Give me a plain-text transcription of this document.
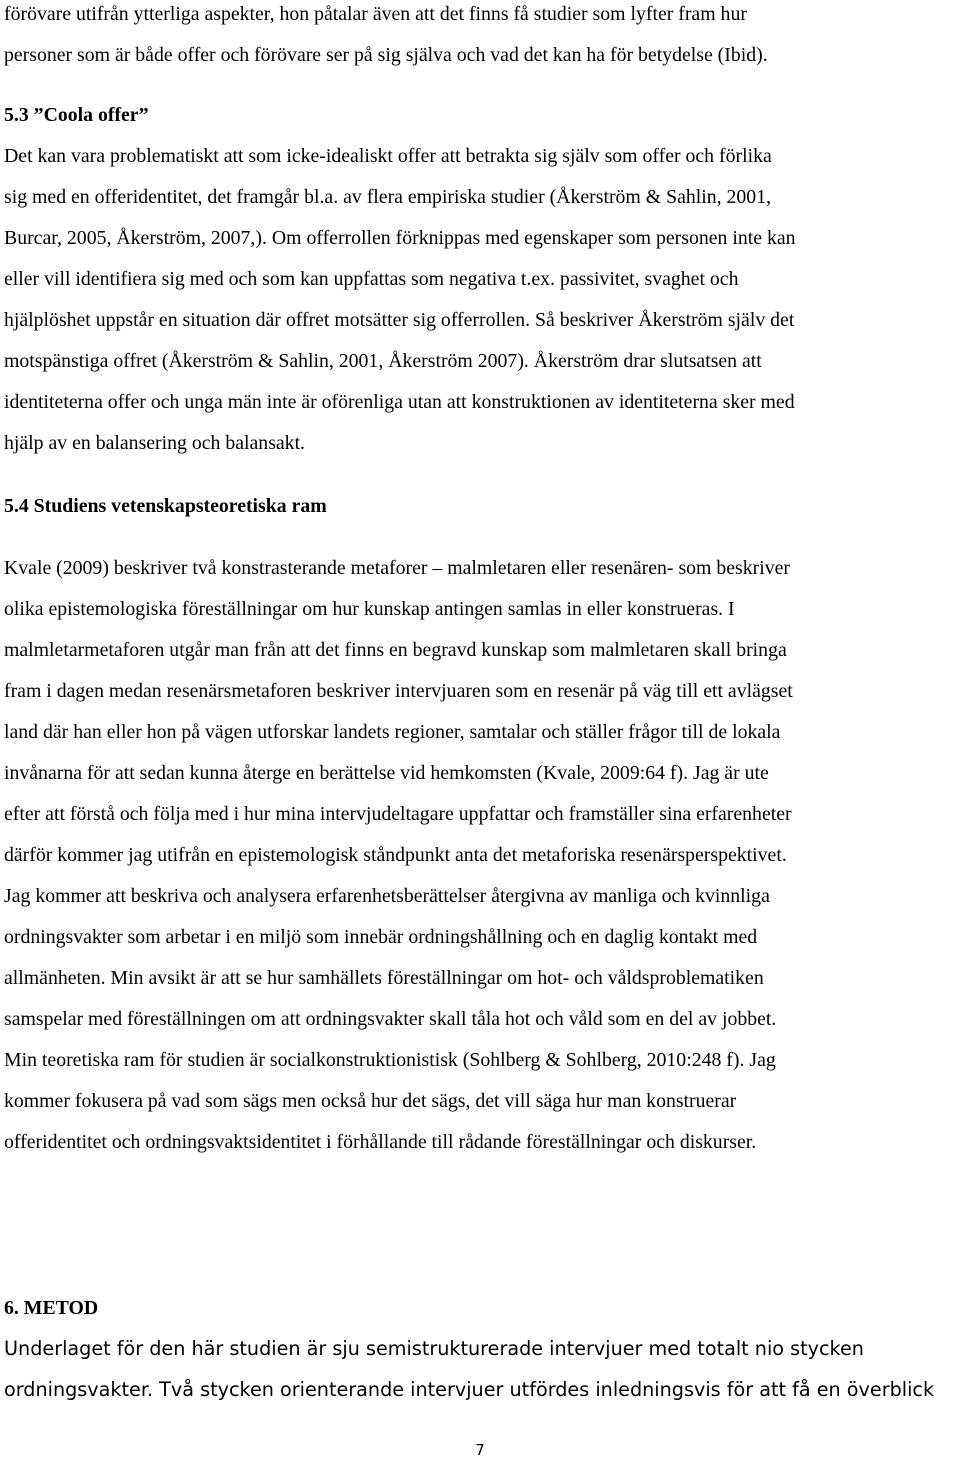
förövare utifrån ytterliga aspekter, hon påtalar även att det finns få studier som lyfter fram hur

personer som är både offer och förövare ser på sig själva och vad det kan ha för betydelse (Ibid).

5.3 ”Coola offer”

Det kan vara problematiskt att som icke-idealiskt offer att betrakta sig själv som offer och förlika

sig med en offeridentitet, det framgår bl.a. av flera empiriska studier (Åkerström & Sahlin, 2001,

Burcar, 2005, Åkerström, 2007,). Om offerrollen förknippas med egenskaper som personen inte kan

eller vill identifiera sig med och som kan uppfattas som negativa t.ex. passivitet, svaghet och

hjälplöshet uppstår en situation där offret motsätter sig offerrollen. Så beskriver Åkerström själv det

motspänstiga offret (Åkerström & Sahlin, 2001, Åkerström 2007). Åkerström drar slutsatsen att

identiteterna offer och unga män inte är oförenliga utan att konstruktionen av identiteterna sker med

hjälp av en balansering och balansakt.

5.4 Studiens vetenskapsteoretiska ram

Kvale (2009) beskriver två konstrasterande metaforer – malmletaren eller resenären- som beskriver

olika epistemologiska föreställningar om hur kunskap antingen samlas in eller konstrueras. I

malmletarmetaforen utgår man från att det finns en begravd kunskap som malmletaren skall bringa

fram i dagen medan resenärsmetaforen beskriver intervjuaren som en resenär på väg till ett avlägset

land där han eller hon på vägen utforskar landets regioner, samtalar och ställer frågor till de lokala

invånarna för att sedan kunna återge en berättelse vid hemkomsten (Kvale, 2009:64 f). Jag är ute

efter att förstå och följa med i hur mina intervjudeltagare uppfattar och framställer sina erfarenheter

därför kommer jag utifrån en epistemologisk ståndpunkt anta det metaforiska resenärsperspektivet.

Jag kommer att beskriva och analysera erfarenhetsberättelser återgivna av manliga och kvinnliga

ordningsvakter som arbetar i en miljö som innebär ordningshållning och en daglig kontakt med

allmänheten. Min avsikt är att se hur samhällets föreställningar om hot- och våldsproblematiken

samspelar med föreställningen om att ordningsvakter skall tåla hot och våld som en del av jobbet.

Min teoretiska ram för studien är socialkonstruktionistisk (Sohlberg & Sohlberg, 2010:248 f). Jag

kommer fokusera på vad som sägs men också hur det sägs, det vill säga hur man konstruerar

offeridentitet och ordningsvaktsidentitet i förhållande till rådande föreställningar och diskurser.

6. METOD

Underlaget för den här studien är sju semistrukturerade intervjuer med totalt nio stycken

ordningsvakter. Två stycken orienterande intervjuer utfördes inledningsvis för att få en överblick

7
